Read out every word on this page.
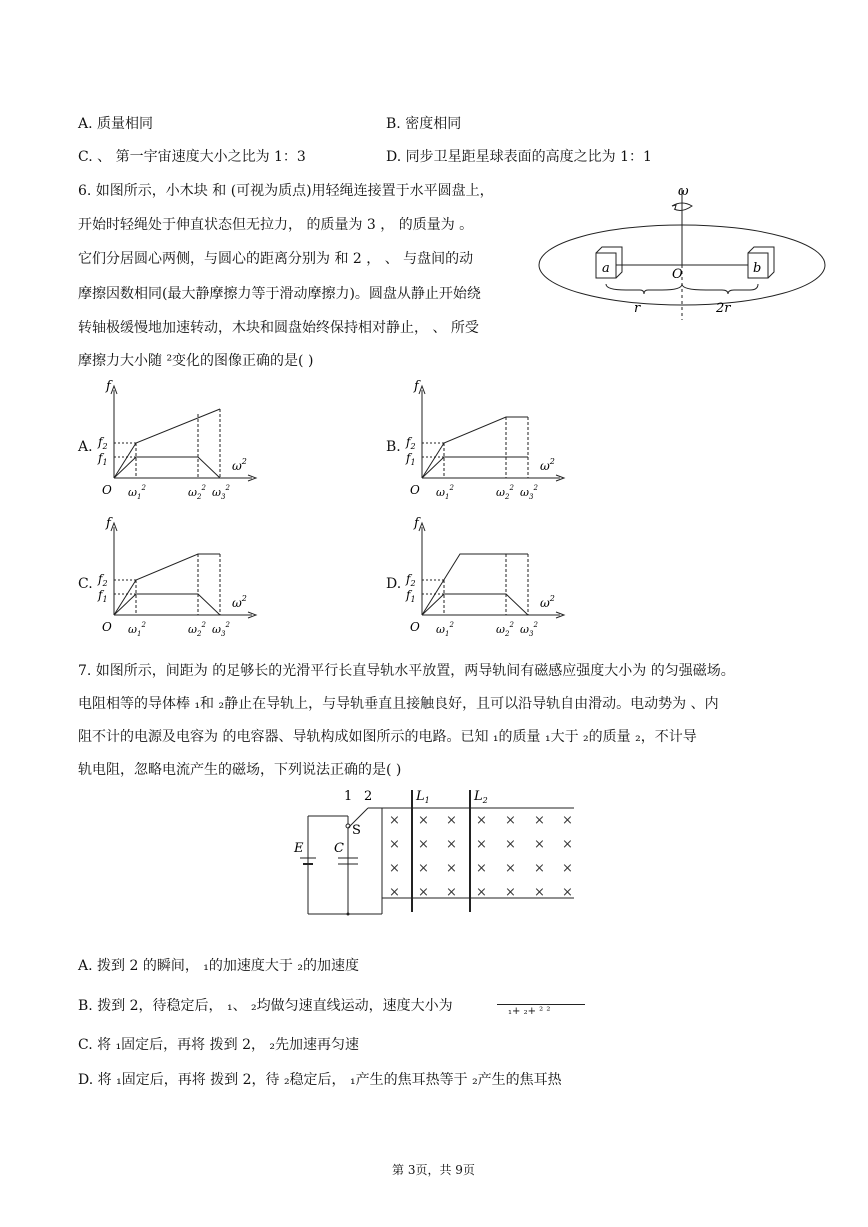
A. 质量相同	B. 密度相同
C. 、 第一宇宙速度大小之比为 1：3	D. 同步卫星距星球表面的高度之比为 1：1
6. 如图所示，小木块 和 (可视为质点)用轻绳连接置于水平圆盘上，
开始时轻绳处于伸直状态但无拉力， 的质量为 3 ， 的质量为 。
它们分居圆心两侧，与圆心的距离分别为 和 2 ， 、 与盘间的动
摩擦因数相同(最大静摩擦力等于滑动摩擦力)。圆盘从静止开始绕
转轴极缓慢地加速转动，木块和圆盘始终保持相对静止， 、 所受
摩擦力大小随 ²变化的图像正确的是( )
ω
a	b
O
r	2r
A.
f
$f_2$
$f_1$
O
$\omega^2$
$\omega_1^2$	$\omega_2^2$ $\omega_3^2$
B.
f
$f_2$
$f_1$
O
$\omega^2$
$\omega_1^2$	$\omega_2^2$ $\omega_3^2$
C.
f
$f_2$
$f_1$
O
$\omega^2$
$\omega_1^2$	$\omega_2^2$ $\omega_3^2$
D.
f
$f_2$
$f_1$
O
$\omega^2$
$\omega_1^2$	$\omega_2^2$ $\omega_3^2$
7. 如图所示，间距为 的足够长的光滑平行长直导轨水平放置，两导轨间有磁感应强度大小为 的匀强磁场。
电阻相等的导体棒 ₁和 ₂静止在导轨上，与导轨垂直且接触良好，且可以沿导轨自由滑动。电动势为 、内
阻不计的电源及电容为 的电容器、导轨构成如图所示的电路。已知 ₁的质量 ₁大于 ₂的质量 ₂，不计导
轨电阻，忽略电流产生的磁场，下列说法正确的是( )
1 2
S
E C
$L_1$	$L_2$
× × × × × × ×
× × × × × × ×
× × × × × × ×
× × × × × × ×
A. 拨到 2 的瞬间， ₁的加速度大于 ₂的加速度
B. 拨到 2，待稳定后， ₁、 ₂均做匀速直线运动，速度大小为	₁+ ₂+ ² ²
C. 将 ₁固定后，再将 拨到 2， ₂先加速再匀速
D. 将 ₁固定后，再将 拨到 2，待 ₂稳定后， ₁产生的焦耳热等于 ₂产生的焦耳热
第 3页，共 9页
